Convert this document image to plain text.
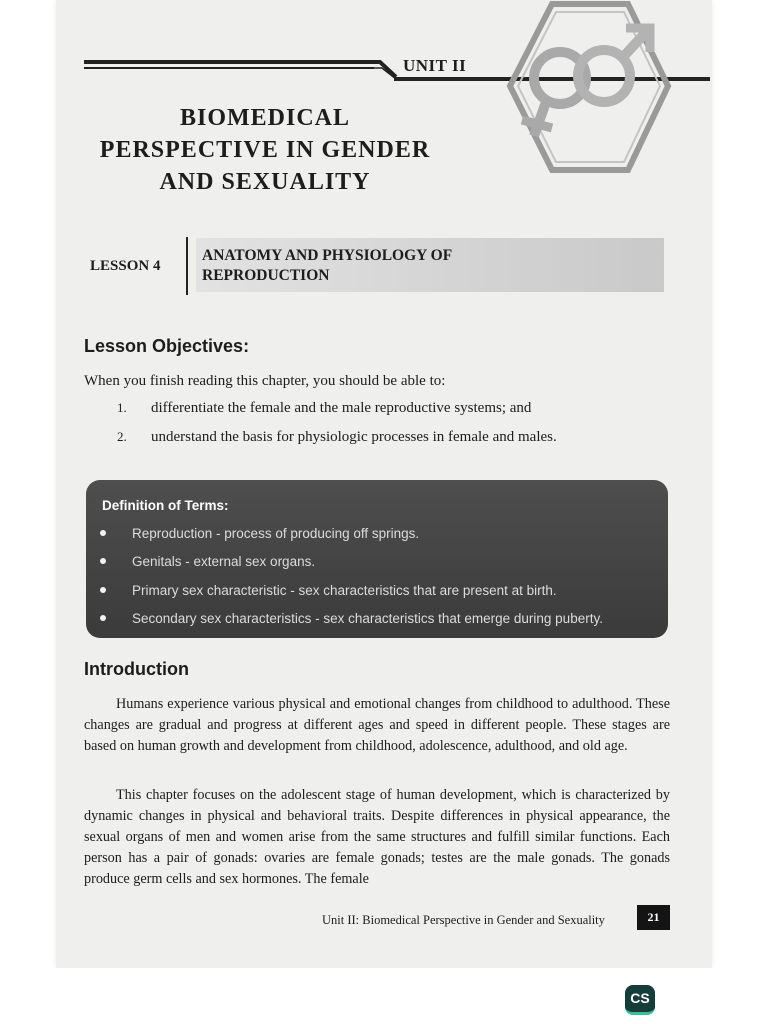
UNIT II
BIOMEDICAL
PERSPECTIVE IN GENDER
AND SEXUALITY
LESSON 4
ANATOMY AND PHYSIOLOGY OF
REPRODUCTION
Lesson Objectives:
When you finish reading this chapter, you should be able to:
1. differentiate the female and the male reproductive systems; and
2. understand the basis for physiologic processes in female and males.
Definition of Terms:
Reproduction - process of producing off springs.
Genitals - external sex organs.
Primary sex characteristic - sex characteristics that are present at birth.
Secondary sex characteristics - sex characteristics that emerge during puberty.
Introduction
Humans experience various physical and emotional changes from childhood to adulthood. These changes are gradual and progress at different ages and speed in different people. These stages are based on human growth and development from childhood, adolescence, adulthood, and old age.
This chapter focuses on the adolescent stage of human development, which is characterized by dynamic changes in physical and behavioral traits. Despite differences in physical appearance, the sexual organs of men and women arise from the same structures and fulfill similar functions. Each person has a pair of gonads: ovaries are female gonads; testes are the male gonads. The gonads produce germ cells and sex hormones. The female
Unit II: Biomedical Perspective in Gender and Sexuality	21
CS
